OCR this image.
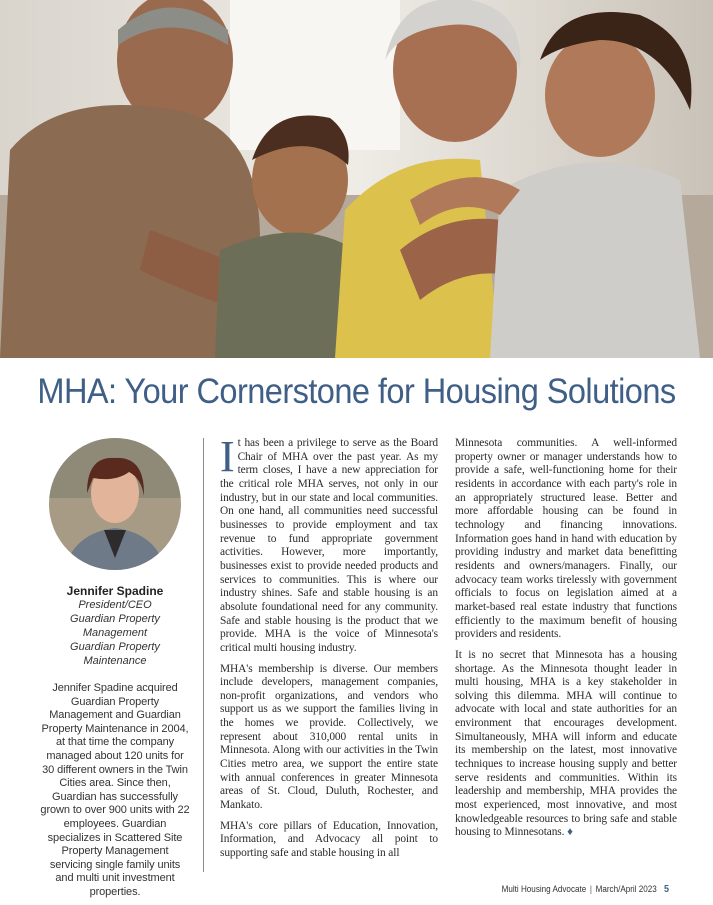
MHA: Your Cornerstone for Housing Solutions
Jennifer Spadine
President/CEO
Guardian Property Management
Guardian Property Maintenance
Jennifer Spadine acquired Guardian Property Management and Guardian Property Maintenance in 2004, at that time the company managed about 120 units for 30 different owners in the Twin Cities area. Since then, Guardian has successfully grown to over 900 units with 22 employees. Guardian specializes in Scattered Site Property Management servicing single family units and multi unit investment properties.

It has been a privilege to serve as the Board Chair of MHA over the past year. As my term closes, I have a new appreciation for the critical role MHA serves, not only in our industry, but in our state and local communities. On one hand, all communities need successful businesses to provide employment and tax revenue to fund appropriate government activities. However, more importantly, businesses exist to provide needed products and services to communities. This is where our industry shines. Safe and stable housing is an absolute foundational need for any community. Safe and stable housing is the product that we provide. MHA is the voice of Minnesota's critical multi housing industry.

MHA's membership is diverse. Our members include developers, management companies, non-profit organizations, and vendors who support us as we support the families living in the homes we provide. Collectively, we represent about 310,000 rental units in Minnesota. Along with our activities in the Twin Cities metro area, we support the entire state with annual conferences in greater Minnesota areas of St. Cloud, Duluth, Rochester, and Mankato.

MHA's core pillars of Education, Innovation, Information, and Advocacy all point to supporting safe and stable housing in all

Minnesota communities. A well-informed property owner or manager understands how to provide a safe, well-functioning home for their residents in accordance with each party's role in an appropriately structured lease. Better and more affordable housing can be found in technology and financing innovations. Information goes hand in hand with education by providing industry and market data benefitting residents and owners/managers. Finally, our advocacy team works tirelessly with government officials to focus on legislation aimed at a market-based real estate industry that functions efficiently to the maximum benefit of housing providers and residents.

It is no secret that Minnesota has a housing shortage. As the Minnesota thought leader in multi housing, MHA is a key stakeholder in solving this dilemma. MHA will continue to advocate with local and state authorities for an environment that encourages development. Simultaneously, MHA will inform and educate its membership on the latest, most innovative techniques to increase housing supply and better serve residents and communities. Within its leadership and membership, MHA provides the most experienced, most innovative, and most knowledgeable resources to bring safe and stable housing to Minnesotans. ♦

Multi Housing Advocate | March/April 2023 5
